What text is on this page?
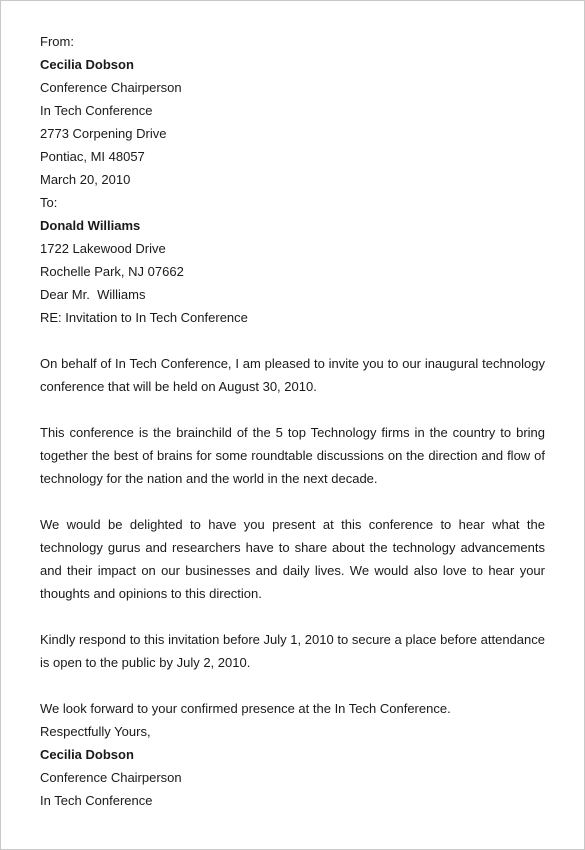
From:
Cecilia Dobson
Conference Chairperson
In Tech Conference
2773 Corpening Drive
Pontiac, MI 48057
March 20, 2010
To:
Donald Williams
1722 Lakewood Drive
Rochelle Park, NJ 07662
Dear Mr.  Williams
RE: Invitation to In Tech Conference
On behalf of In Tech Conference, I am pleased to invite you to our inaugural technology conference that will be held on August 30, 2010.
This conference is the brainchild of the 5 top Technology firms in the country to bring together the best of brains for some roundtable discussions on the direction and flow of technology for the nation and the world in the next decade.
We would be delighted to have you present at this conference to hear what the technology gurus and researchers have to share about the technology advancements and their impact on our businesses and daily lives. We would also love to hear your thoughts and opinions to this direction.
Kindly respond to this invitation before July 1, 2010 to secure a place before attendance is open to the public by July 2, 2010.
We look forward to your confirmed presence at the In Tech Conference.
Respectfully Yours,
Cecilia Dobson
Conference Chairperson
In Tech Conference
